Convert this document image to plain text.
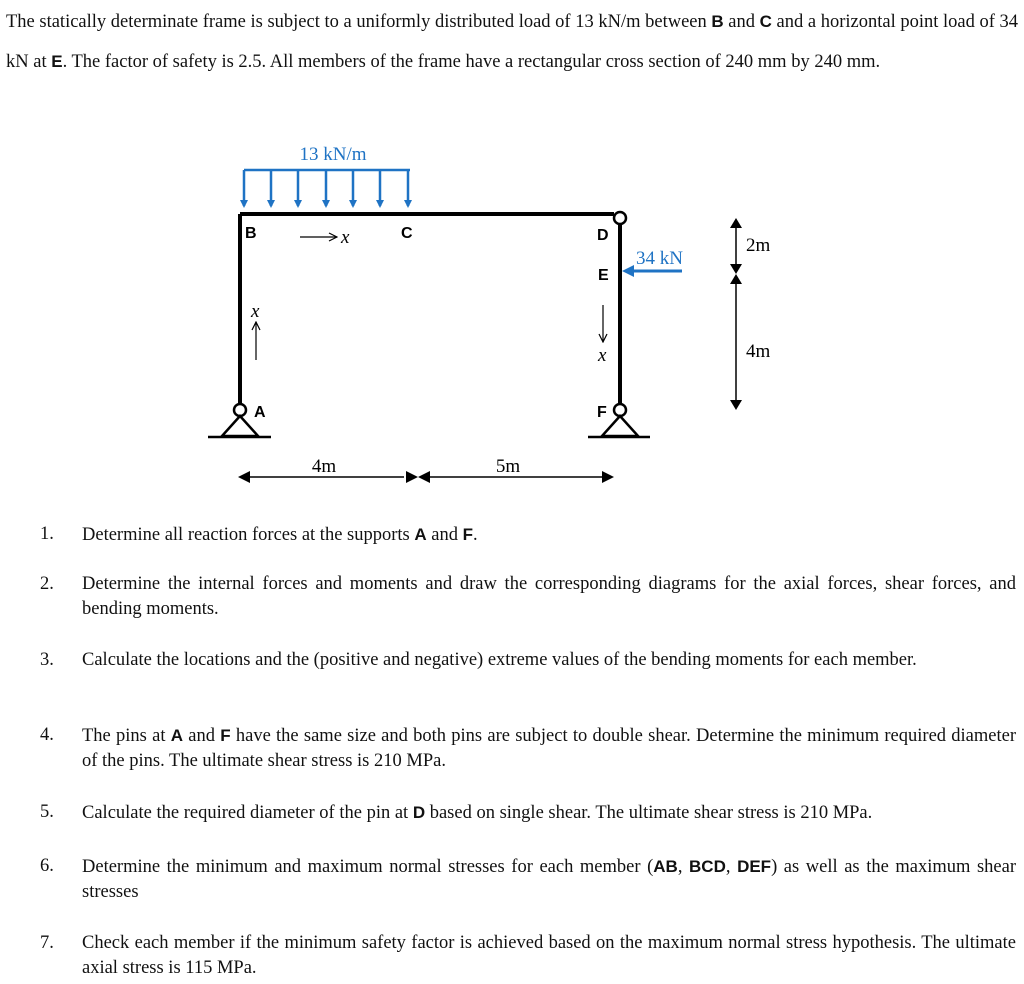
The statically determinate frame is subject to a uniformly distributed load of 13 kN/m between B and C and a horizontal point load of 34 kN at E. The factor of safety is 2.5. All members of the frame have a rectangular cross section of 240 mm by 240 mm.

13 kN/m
B	C	D
E
A	F
34 kN
x
x
x
2m
4m
4m	5m
1. Determine all reaction forces at the supports A and F.
2. Determine the internal forces and moments and draw the corresponding diagrams for the axial forces, shear forces, and bending moments.
3. Calculate the locations and the (positive and negative) extreme values of the bending moments for each member.
4. The pins at A and F have the same size and both pins are subject to double shear. Determine the minimum required diameter of the pins. The ultimate shear stress is 210 MPa.
5. Calculate the required diameter of the pin at D based on single shear. The ultimate shear stress is 210 MPa.
6. Determine the minimum and maximum normal stresses for each member (AB, BCD, DEF) as well as the maximum shear stresses
7. Check each member if the minimum safety factor is achieved based on the maximum normal stress hypothesis. The ultimate axial stress is 115 MPa.
